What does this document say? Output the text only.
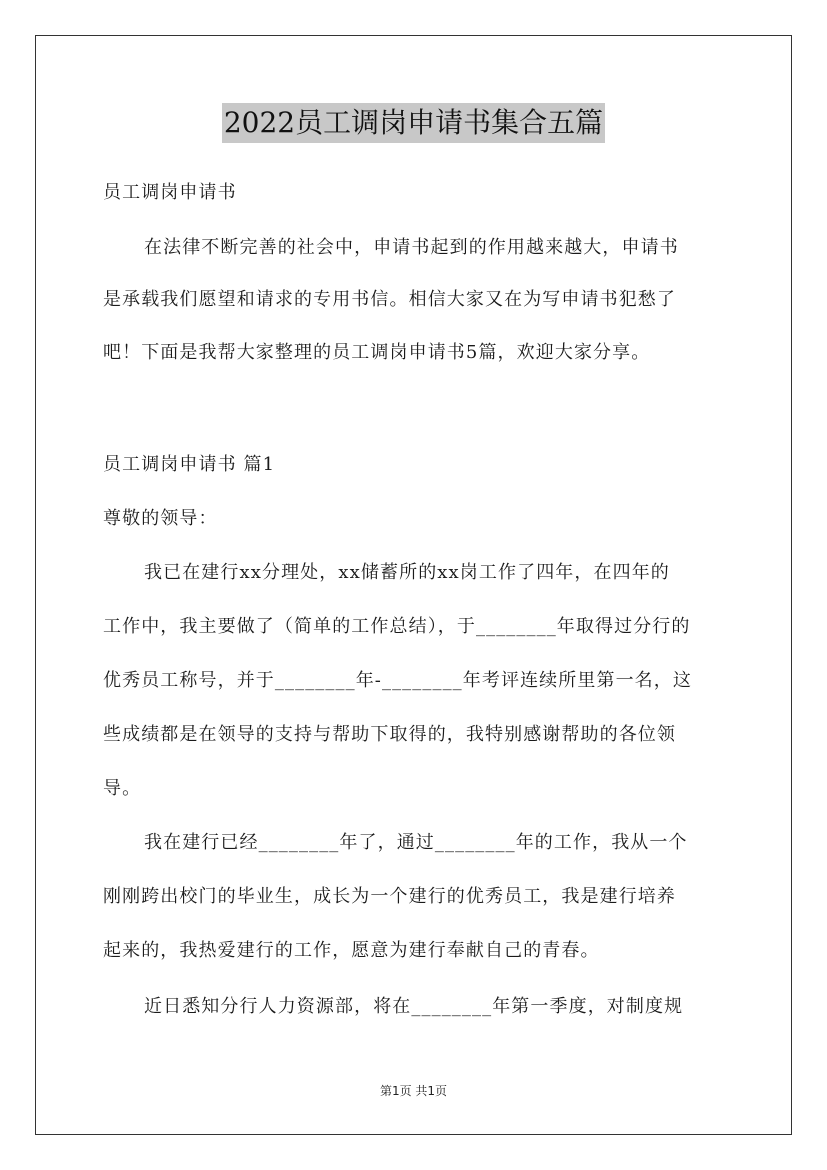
2022员工调岗申请书集合五篇
员工调岗申请书
在法律不断完善的社会中，申请书起到的作用越来越大，申请书
是承载我们愿望和请求的专用书信。相信大家又在为写申请书犯愁了
吧！下面是我帮大家整理的员工调岗申请书5篇，欢迎大家分享。
员工调岗申请书 篇1
尊敬的领导：
我已在建行xx分理处，xx储蓄所的xx岗工作了四年，在四年的
工作中，我主要做了（简单的工作总结），于________年取得过分行的
优秀员工称号，并于________年-________年考评连续所里第一名，这
些成绩都是在领导的支持与帮助下取得的，我特别感谢帮助的各位领
导。
我在建行已经________年了，通过________年的工作，我从一个
刚刚跨出校门的毕业生，成长为一个建行的优秀员工，我是建行培养
起来的，我热爱建行的工作，愿意为建行奉献自己的青春。
近日悉知分行人力资源部，将在________年第一季度，对制度规
第1页 共1页
